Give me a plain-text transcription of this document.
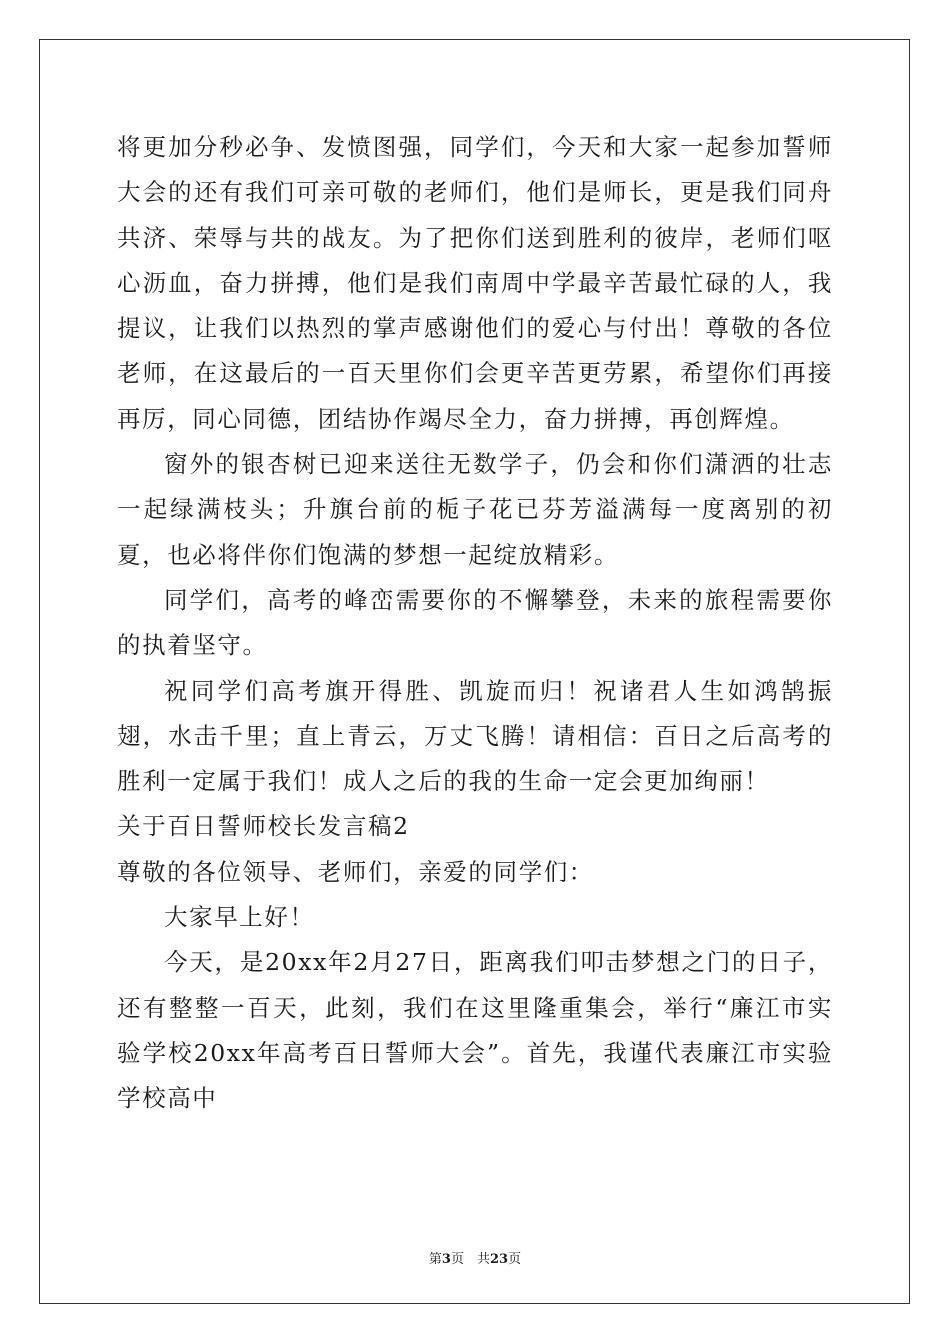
将更加分秒必争、发愤图强，同学们，今天和大家一起参加誓师大会的还有我们可亲可敬的老师们，他们是师长，更是我们同舟共济、荣辱与共的战友。为了把你们送到胜利的彼岸，老师们呕心沥血，奋力拼搏，他们是我们南周中学最辛苦最忙碌的人，我提议，让我们以热烈的掌声感谢他们的爱心与付出！尊敬的各位老师，在这最后的一百天里你们会更辛苦更劳累，希望你们再接再厉，同心同德，团结协作竭尽全力，奋力拼搏，再创辉煌。

窗外的银杏树已迎来送往无数学子，仍会和你们潇洒的壮志一起绿满枝头；升旗台前的栀子花已芬芳溢满每一度离别的初夏，也必将伴你们饱满的梦想一起绽放精彩。

同学们，高考的峰峦需要你的不懈攀登，未来的旅程需要你的执着坚守。

祝同学们高考旗开得胜、凯旋而归！祝诸君人生如鸿鹄振翅，水击千里；直上青云，万丈飞腾！请相信：百日之后高考的胜利一定属于我们！成人之后的我的生命一定会更加绚丽！

关于百日誓师校长发言稿2

尊敬的各位领导、老师们，亲爱的同学们：

大家早上好！

今天，是20xx年2月27日，距离我们叩击梦想之门的日子，还有整整一百天，此刻，我们在这里隆重集会，举行“廉江市实验学校20xx年高考百日誓师大会”。首先，我谨代表廉江市实验学校高中

第3页　共23页
